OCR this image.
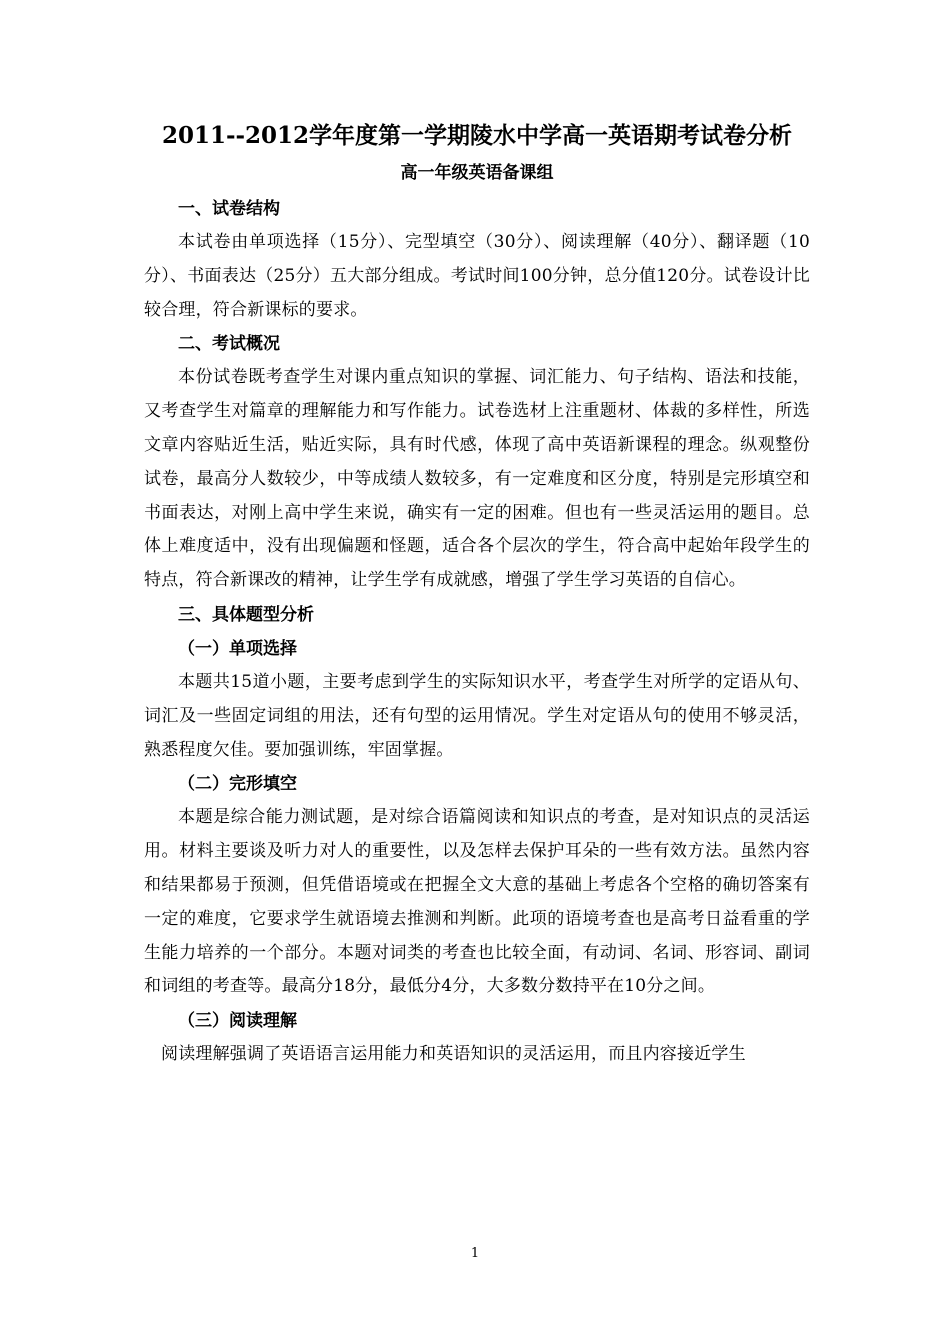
2011--2012学年度第一学期陵水中学高一英语期考试卷分析
高一年级英语备课组
一、试卷结构

本试卷由单项选择（15分）、完型填空（30分）、阅读理解（40分）、翻译题（10分）、书面表达（25分）五大部分组成。考试时间100分钟，总分值120分。试卷设计比较合理，符合新课标的要求。

二、考试概况

本份试卷既考查学生对课内重点知识的掌握、词汇能力、句子结构、语法和技能，又考查学生对篇章的理解能力和写作能力。试卷选材上注重题材、体裁的多样性，所选文章内容贴近生活，贴近实际，具有时代感，体现了高中英语新课程的理念。纵观整份试卷，最高分人数较少，中等成绩人数较多，有一定难度和区分度，特别是完形填空和书面表达，对刚上高中学生来说，确实有一定的困难。但也有一些灵活运用的题目。总体上难度适中，没有出现偏题和怪题，适合各个层次的学生，符合高中起始年段学生的特点，符合新课改的精神，让学生学有成就感，增强了学生学习英语的自信心。

三、具体题型分析
（一）单项选择

本题共15道小题，主要考虑到学生的实际知识水平，考查学生对所学的定语从句、词汇及一些固定词组的用法，还有句型的运用情况。学生对定语从句的使用不够灵活，熟悉程度欠佳。要加强训练，牢固掌握。

（二）完形填空

本题是综合能力测试题，是对综合语篇阅读和知识点的考查，是对知识点的灵活运用。材料主要谈及听力对人的重要性，以及怎样去保护耳朵的一些有效方法。虽然内容和结果都易于预测，但凭借语境或在把握全文大意的基础上考虑各个空格的确切答案有一定的难度，它要求学生就语境去推测和判断。此项的语境考查也是高考日益看重的学生能力培养的一个部分。本题对词类的考查也比较全面，有动词、名词、形容词、副词和词组的考查等。最高分18分，最低分4分，大多数分数持平在10分之间。

（三）阅读理解

阅读理解强调了英语语言运用能力和英语知识的灵活运用，而且内容接近学生

1
